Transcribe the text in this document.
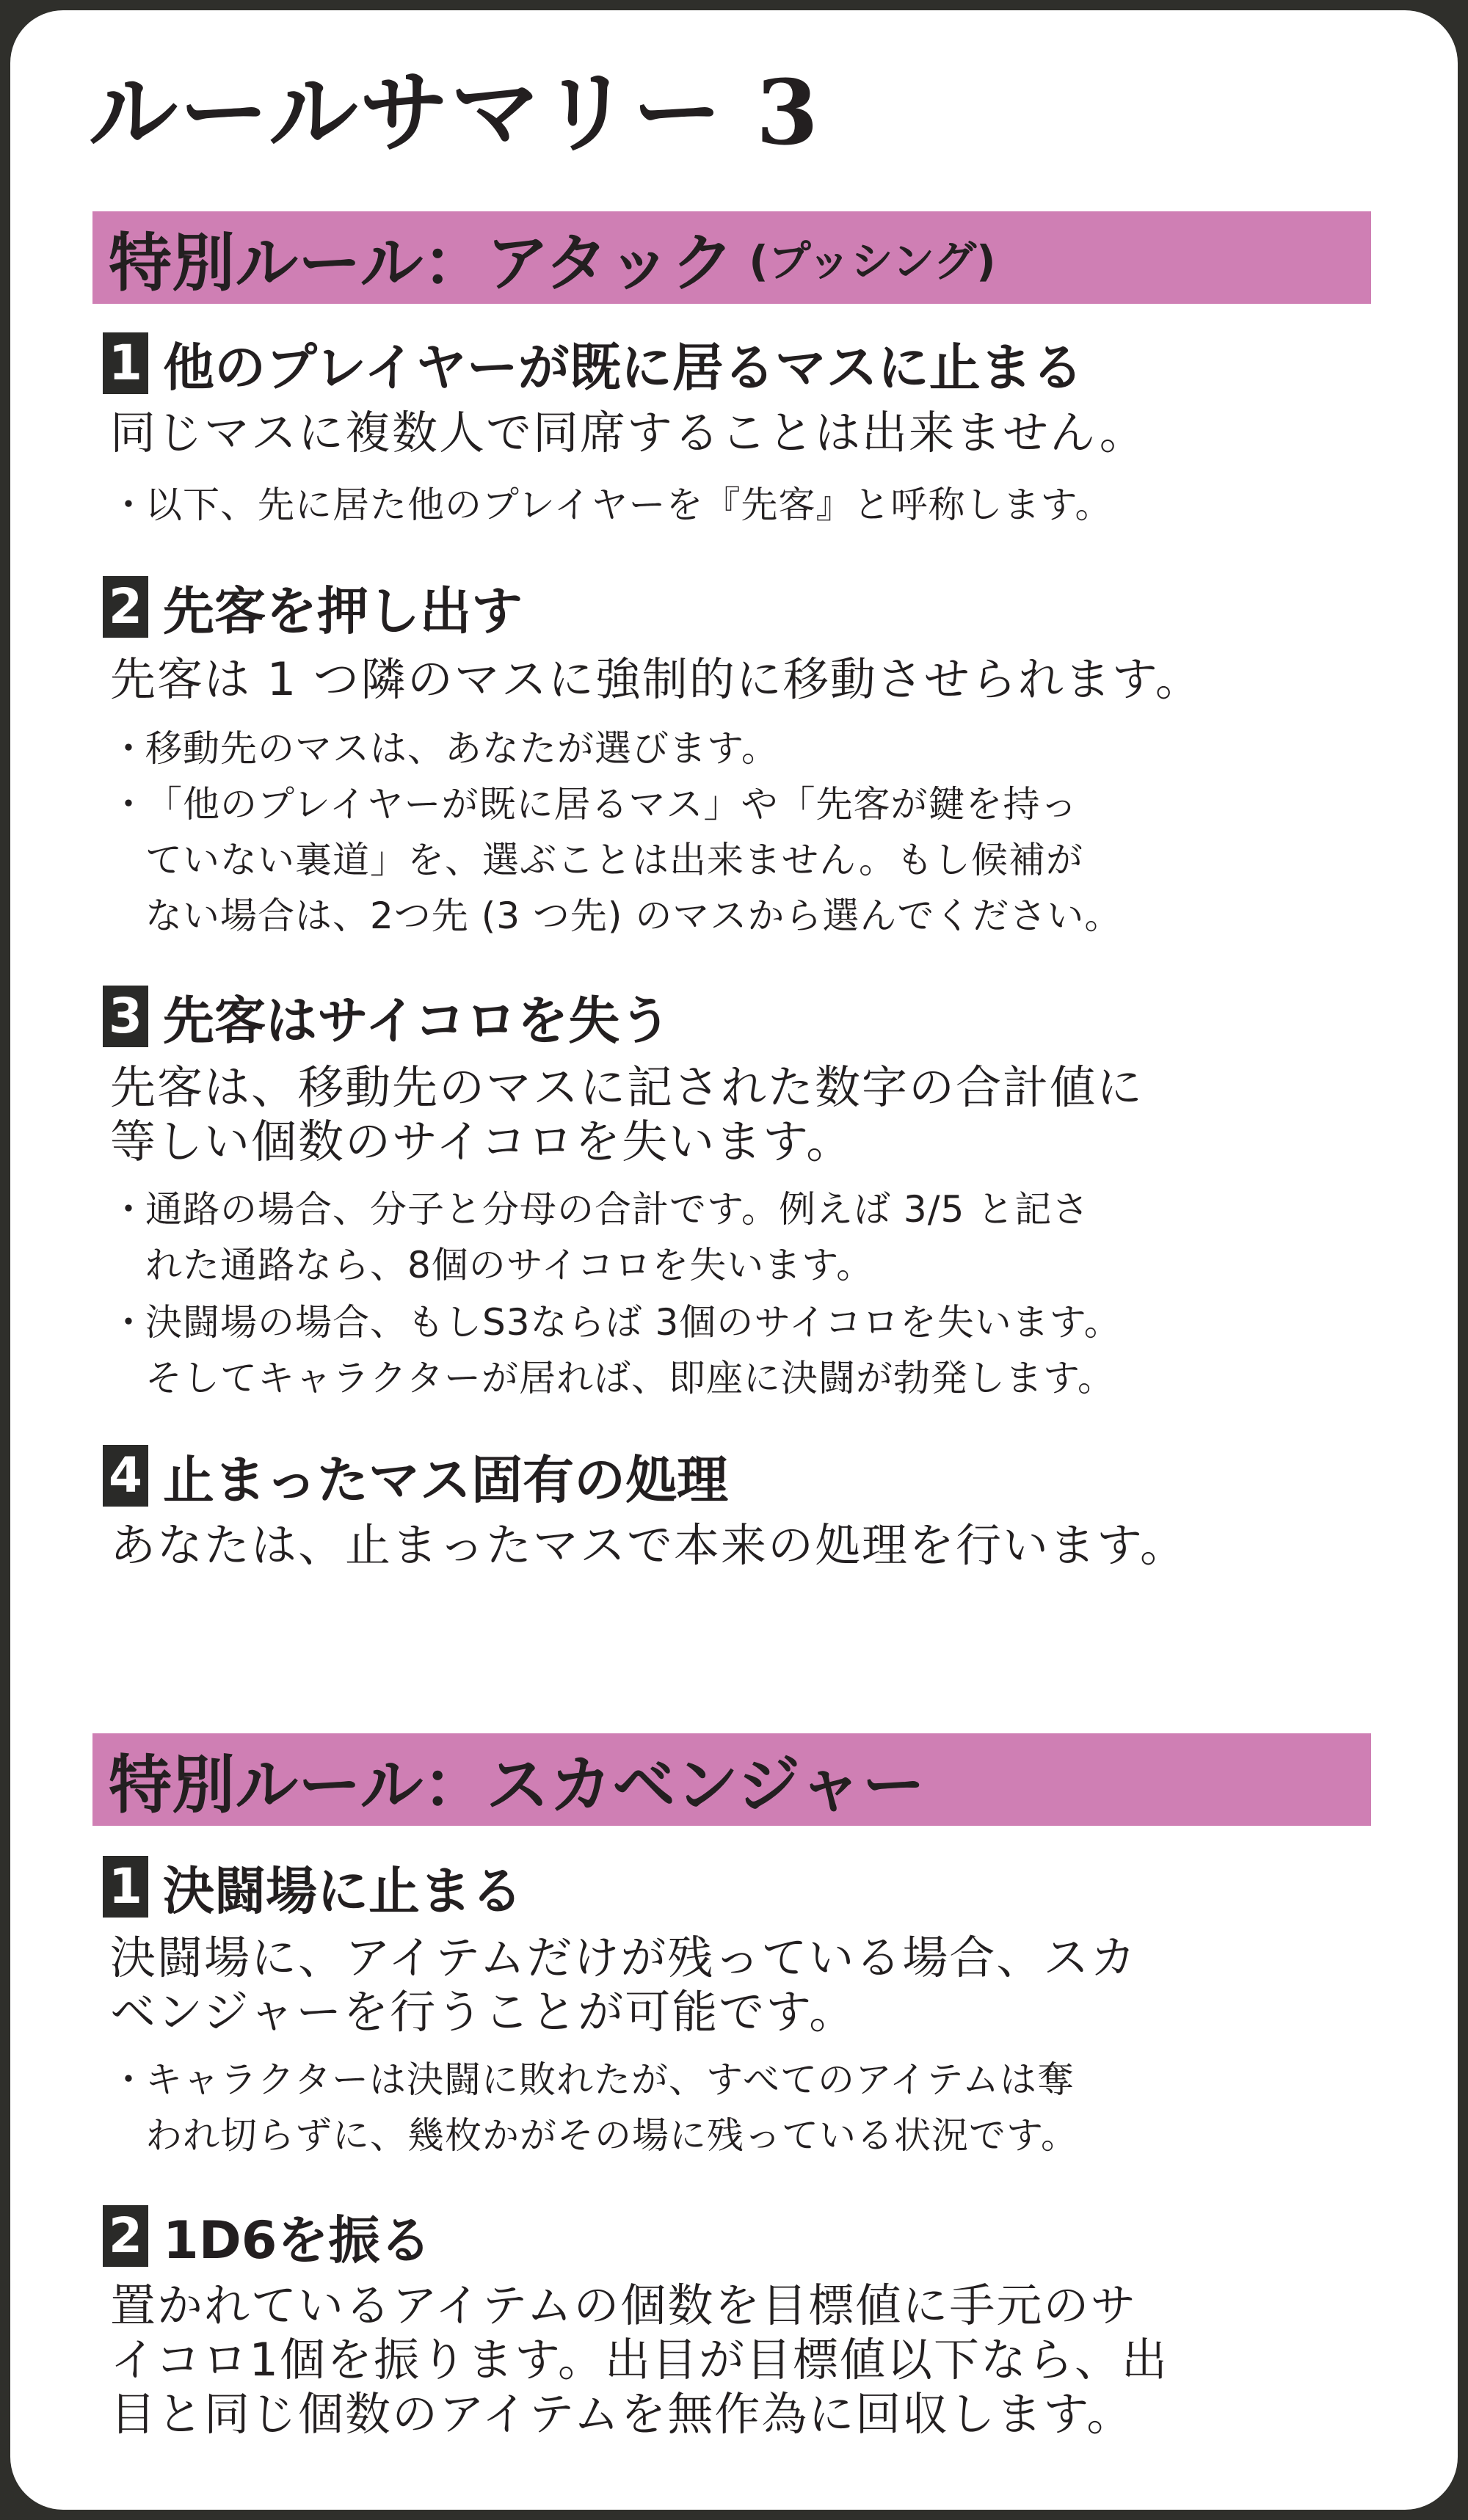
ルールサマリー 3
特別ルール：アタック (プッシング)
1 他のプレイヤーが既に居るマスに止まる
同じマスに複数人で同席することは出来ません。
・以下、先に居た他のプレイヤーを『先客』と呼称します。
2 先客を押し出す
先客は 1 つ隣のマスに強制的に移動させられます。
・移動先のマスは、あなたが選びます。
・「他のプレイヤーが既に居るマス」や「先客が鍵を持っ
ていない裏道」を、選ぶことは出来ません。もし候補が
ない場合は、2つ先 (3 つ先) のマスから選んでください。
3 先客はサイコロを失う
先客は、移動先のマスに記された数字の合計値に
等しい個数のサイコロを失います。
・通路の場合、分子と分母の合計です。例えば 3/5 と記さ
れた通路なら、8個のサイコロを失います。
・決闘場の場合、もしS3ならば 3個のサイコロを失います。
そしてキャラクターが居れば、即座に決闘が勃発します。
4 止まったマス固有の処理
あなたは、止まったマスで本来の処理を行います。
特別ルール：スカベンジャー
1 決闘場に止まる
決闘場に、アイテムだけが残っている場合、スカ
ベンジャーを行うことが可能です。
・キャラクターは決闘に敗れたが、すべてのアイテムは奪
われ切らずに、幾枚かがその場に残っている状況です。
2 1D6を振る
置かれているアイテムの個数を目標値に手元のサ
イコロ1個を振ります。出目が目標値以下なら、出
目と同じ個数のアイテムを無作為に回収します。
